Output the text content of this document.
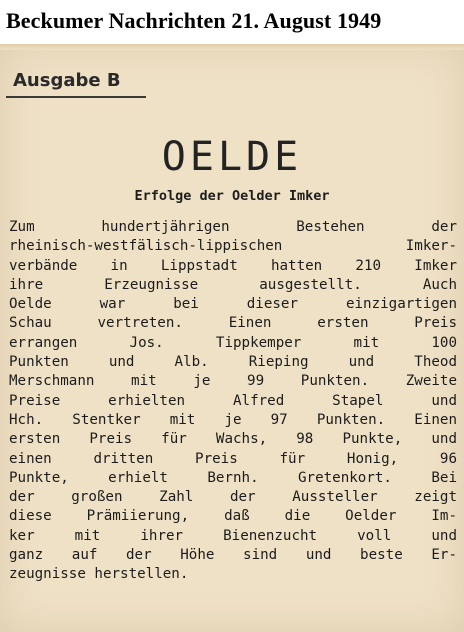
Beckumer Nachrichten 21. August 1949
Ausgabe B
OELDE
Erfolge der Oelder Imker
Zum hundertjährigen Bestehen der
rheinisch-westfälisch-lippischen Imker-
verbände in Lippstadt hatten 210 Imker
ihre Erzeugnisse ausgestellt. Auch
Oelde war bei dieser einzigartigen
Schau vertreten. Einen ersten Preis
errangen Jos. Tippkemper mit 100
Punkten und Alb. Rieping und Theod
Merschmann mit je 99 Punkten. Zweite
Preise erhielten Alfred Stapel und
Hch. Stentker mit je 97 Punkten. Einen
ersten Preis für Wachs, 98 Punkte, und
einen dritten Preis für Honig, 96
Punkte, erhielt Bernh. Gretenkort. Bei
der großen Zahl der Aussteller zeigt
diese Prämiierung, daß die Oelder Im-
ker mit ihrer Bienenzucht voll und
ganz auf der Höhe sind und beste Er-
zeugnisse herstellen.
